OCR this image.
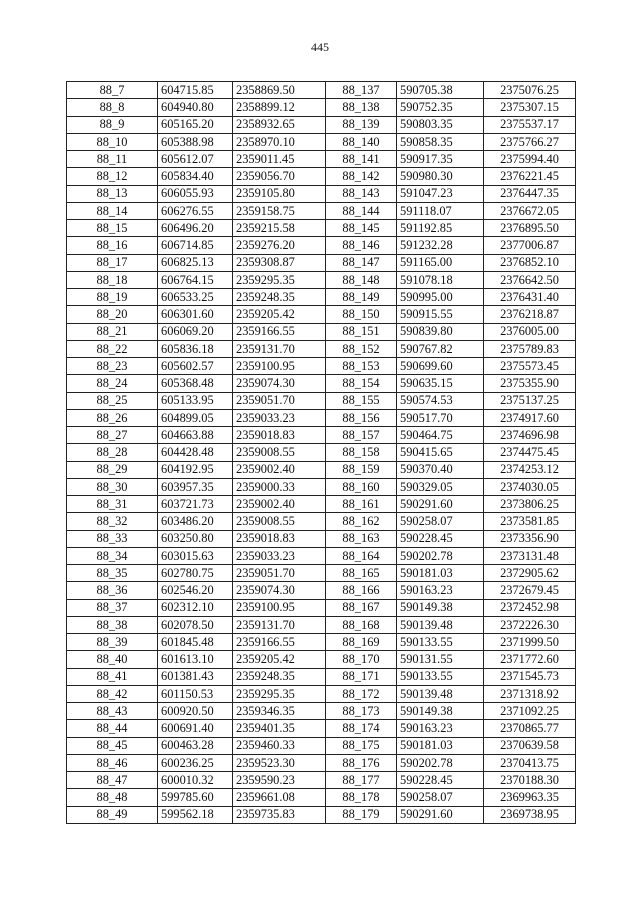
445
88_7	604715.85	2358869.50	88_137	590705.38	2375076.25
88_8	604940.80	2358899.12	88_138	590752.35	2375307.15
88_9	605165.20	2358932.65	88_139	590803.35	2375537.17
88_10	605388.98	2358970.10	88_140	590858.35	2375766.27
88_11	605612.07	2359011.45	88_141	590917.35	2375994.40
88_12	605834.40	2359056.70	88_142	590980.30	2376221.45
88_13	606055.93	2359105.80	88_143	591047.23	2376447.35
88_14	606276.55	2359158.75	88_144	591118.07	2376672.05
88_15	606496.20	2359215.58	88_145	591192.85	2376895.50
88_16	606714.85	2359276.20	88_146	591232.28	2377006.87
88_17	606825.13	2359308.87	88_147	591165.00	2376852.10
88_18	606764.15	2359295.35	88_148	591078.18	2376642.50
88_19	606533.25	2359248.35	88_149	590995.00	2376431.40
88_20	606301.60	2359205.42	88_150	590915.55	2376218.87
88_21	606069.20	2359166.55	88_151	590839.80	2376005.00
88_22	605836.18	2359131.70	88_152	590767.82	2375789.83
88_23	605602.57	2359100.95	88_153	590699.60	2375573.45
88_24	605368.48	2359074.30	88_154	590635.15	2375355.90
88_25	605133.95	2359051.70	88_155	590574.53	2375137.25
88_26	604899.05	2359033.23	88_156	590517.70	2374917.60
88_27	604663.88	2359018.83	88_157	590464.75	2374696.98
88_28	604428.48	2359008.55	88_158	590415.65	2374475.45
88_29	604192.95	2359002.40	88_159	590370.40	2374253.12
88_30	603957.35	2359000.33	88_160	590329.05	2374030.05
88_31	603721.73	2359002.40	88_161	590291.60	2373806.25
88_32	603486.20	2359008.55	88_162	590258.07	2373581.85
88_33	603250.80	2359018.83	88_163	590228.45	2373356.90
88_34	603015.63	2359033.23	88_164	590202.78	2373131.48
88_35	602780.75	2359051.70	88_165	590181.03	2372905.62
88_36	602546.20	2359074.30	88_166	590163.23	2372679.45
88_37	602312.10	2359100.95	88_167	590149.38	2372452.98
88_38	602078.50	2359131.70	88_168	590139.48	2372226.30
88_39	601845.48	2359166.55	88_169	590133.55	2371999.50
88_40	601613.10	2359205.42	88_170	590131.55	2371772.60
88_41	601381.43	2359248.35	88_171	590133.55	2371545.73
88_42	601150.53	2359295.35	88_172	590139.48	2371318.92
88_43	600920.50	2359346.35	88_173	590149.38	2371092.25
88_44	600691.40	2359401.35	88_174	590163.23	2370865.77
88_45	600463.28	2359460.33	88_175	590181.03	2370639.58
88_46	600236.25	2359523.30	88_176	590202.78	2370413.75
88_47	600010.32	2359590.23	88_177	590228.45	2370188.30
88_48	599785.60	2359661.08	88_178	590258.07	2369963.35
88_49	599562.18	2359735.83	88_179	590291.60	2369738.95
